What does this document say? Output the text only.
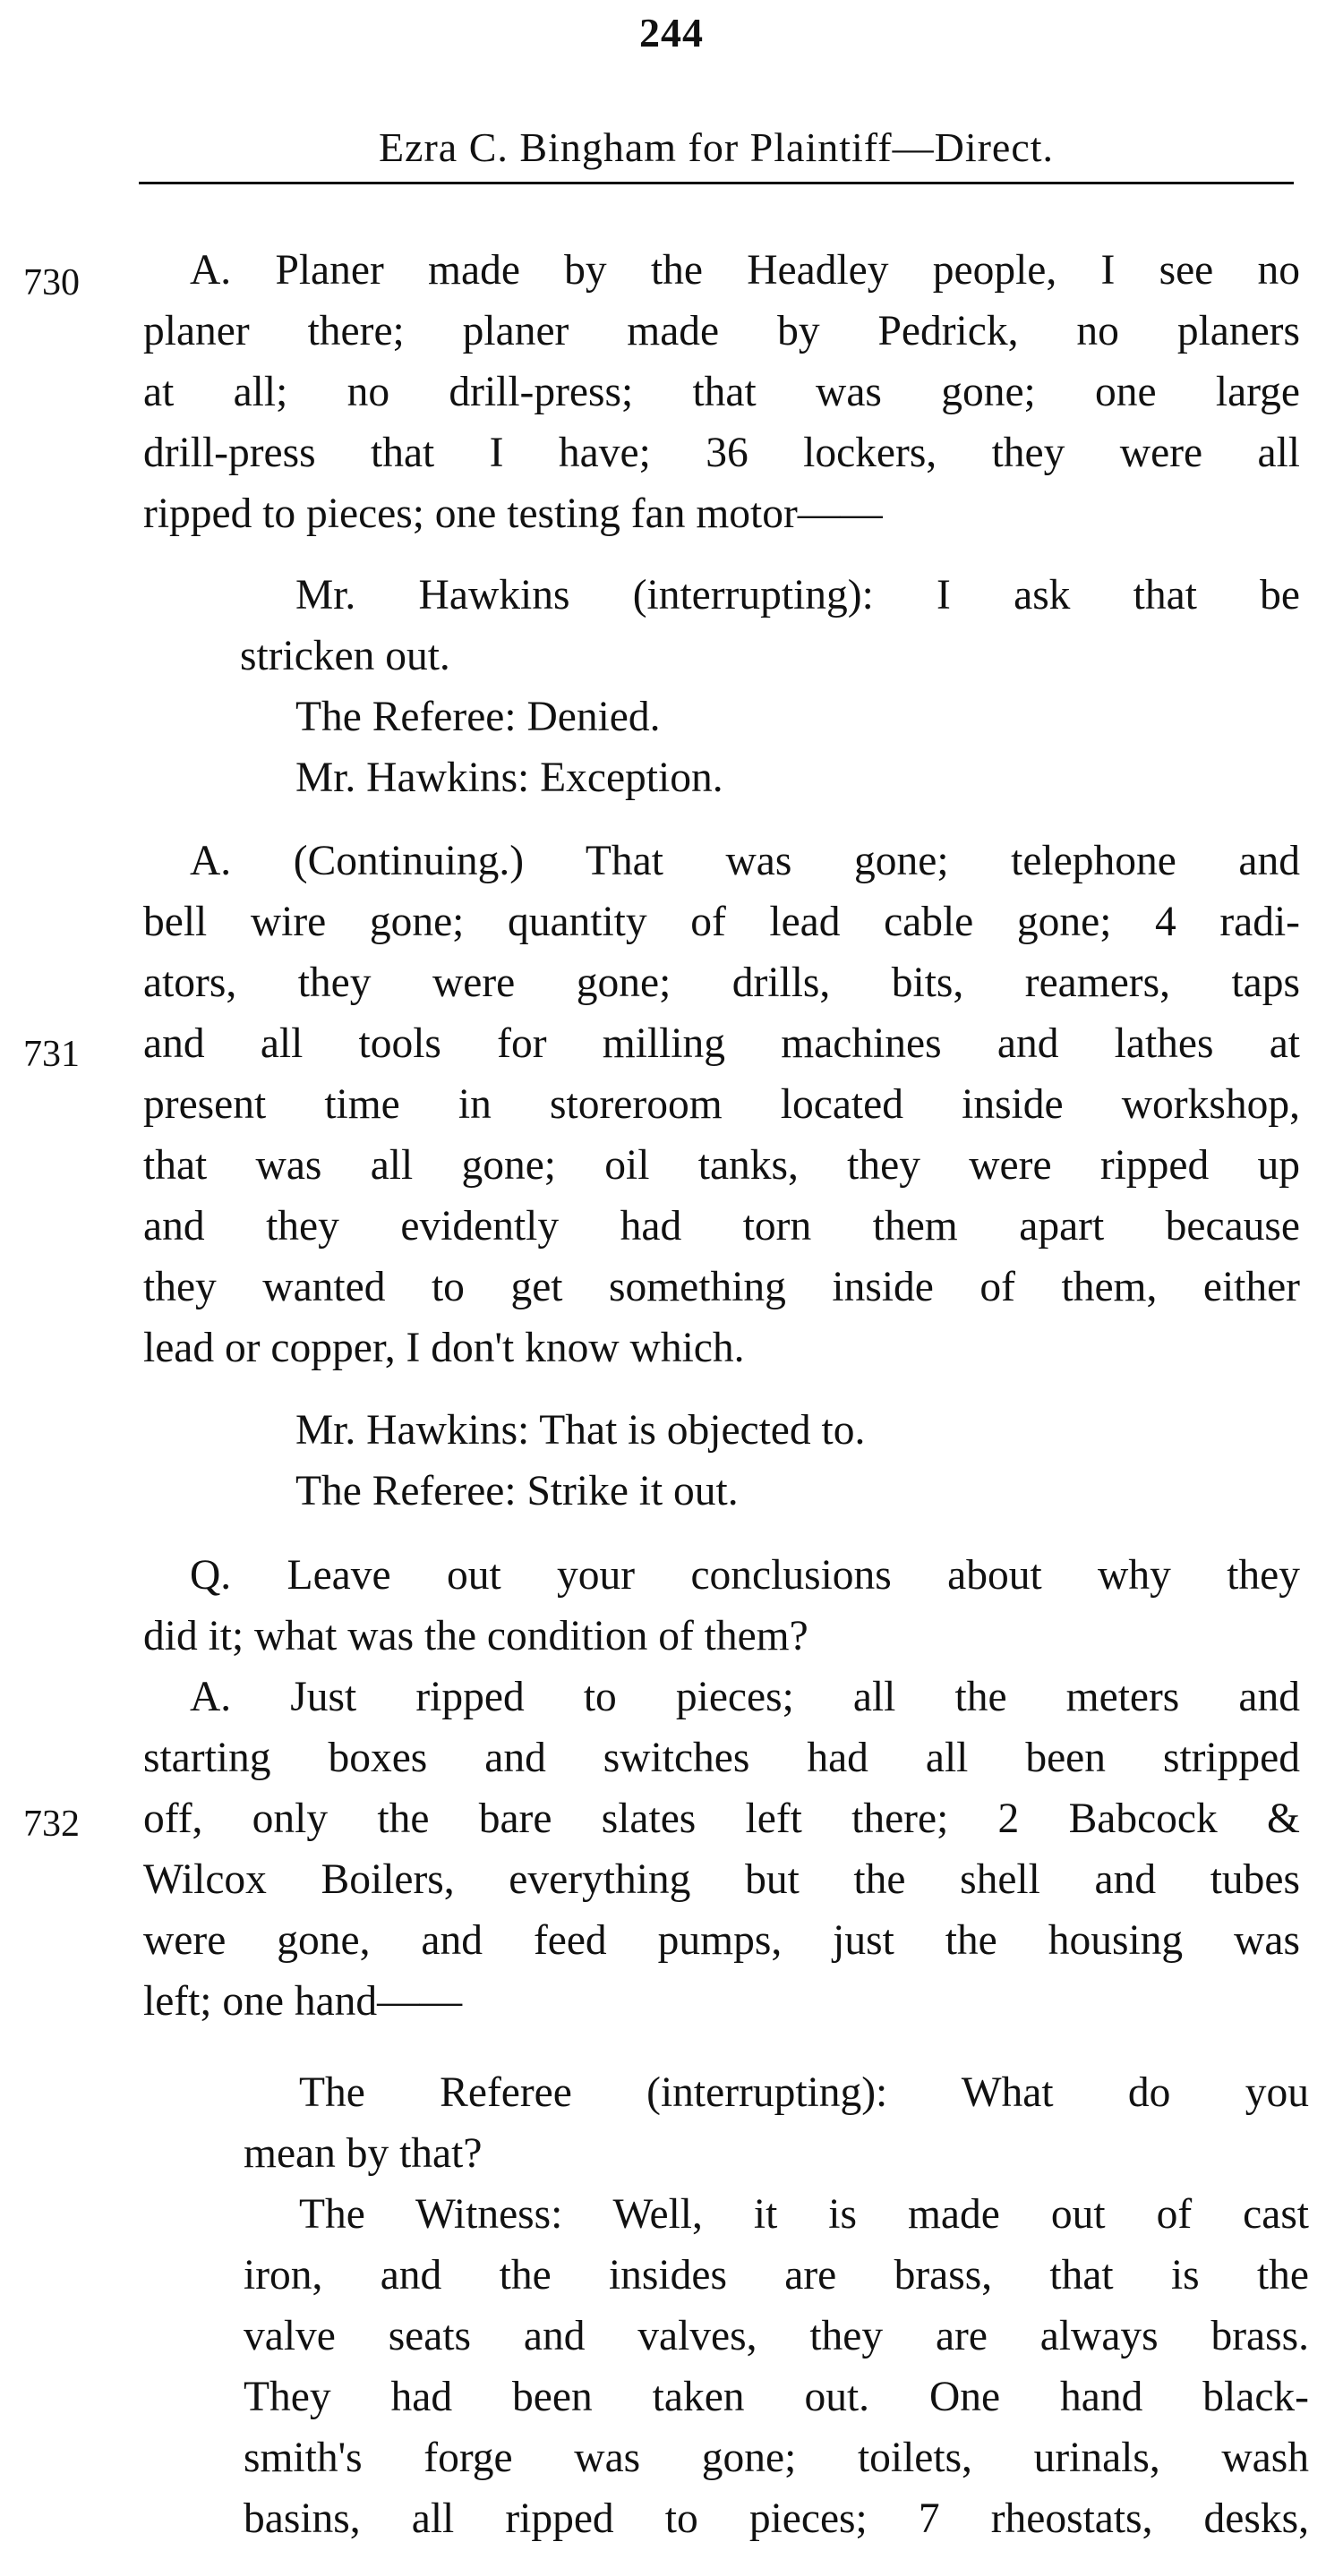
244
Ezra C. Bingham for Plaintiff—Direct.
730
731
732
A. Planer made by the Headley people, I see no
planer there; planer made by Pedrick, no planers
at all; no drill-press; that was gone; one large
drill-press that I have; 36 lockers, they were all
ripped to pieces; one testing fan motor——
Mr. Hawkins (interrupting): I ask that be
stricken out.
The Referee: Denied.
Mr. Hawkins: Exception.
A. (Continuing.) That was gone; telephone and
bell wire gone; quantity of lead cable gone; 4 radi-
ators, they were gone; drills, bits, reamers, taps
and all tools for milling machines and lathes at
present time in storeroom located inside workshop,
that was all gone; oil tanks, they were ripped up
and they evidently had torn them apart because
they wanted to get something inside of them, either
lead or copper, I don't know which.
Mr. Hawkins: That is objected to.
The Referee: Strike it out.
Q. Leave out your conclusions about why they
did it; what was the condition of them?
A. Just ripped to pieces; all the meters and
starting boxes and switches had all been stripped
off, only the bare slates left there; 2 Babcock &
Wilcox Boilers, everything but the shell and tubes
were gone, and feed pumps, just the housing was
left; one hand——
The Referee (interrupting): What do you
mean by that?
The Witness: Well, it is made out of cast
iron, and the insides are brass, that is the
valve seats and valves, they are always brass.
They had been taken out. One hand black-
smith's forge was gone; toilets, urinals, wash
basins, all ripped to pieces; 7 rheostats, desks,
